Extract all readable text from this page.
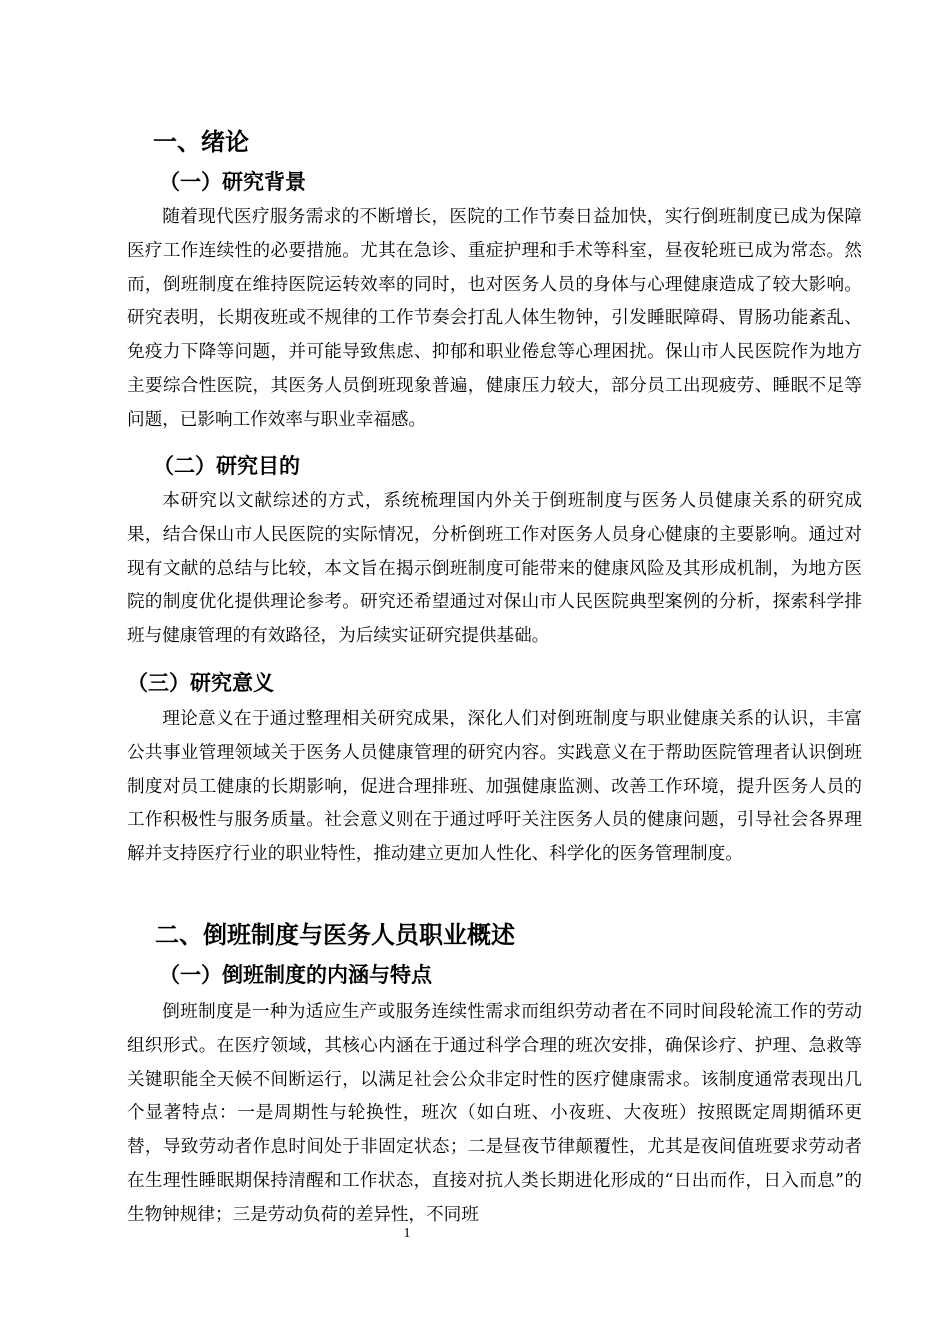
一、绪论
（一）研究背景

随着现代医疗服务需求的不断增长，医院的工作节奏日益加快，实行倒班制度已成为保障医疗工作连续性的必要措施。尤其在急诊、重症护理和手术等科室，昼夜轮班已成为常态。然而，倒班制度在维持医院运转效率的同时，也对医务人员的身体与心理健康造成了较大影响。研究表明，长期夜班或不规律的工作节奏会打乱人体生物钟，引发睡眠障碍、胃肠功能紊乱、免疫力下降等问题，并可能导致焦虑、抑郁和职业倦怠等心理困扰。保山市人民医院作为地方主要综合性医院，其医务人员倒班现象普遍，健康压力较大，部分员工出现疲劳、睡眠不足等问题，已影响工作效率与职业幸福感。

（二）研究目的

本研究以文献综述的方式，系统梳理国内外关于倒班制度与医务人员健康关系的研究成果，结合保山市人民医院的实际情况，分析倒班工作对医务人员身心健康的主要影响。通过对现有文献的总结与比较，本文旨在揭示倒班制度可能带来的健康风险及其形成机制，为地方医院的制度优化提供理论参考。研究还希望通过对保山市人民医院典型案例的分析，探索科学排班与健康管理的有效路径，为后续实证研究提供基础。

（三）研究意义

理论意义在于通过整理相关研究成果，深化人们对倒班制度与职业健康关系的认识，丰富公共事业管理领域关于医务人员健康管理的研究内容。实践意义在于帮助医院管理者认识倒班制度对员工健康的长期影响，促进合理排班、加强健康监测、改善工作环境，提升医务人员的工作积极性与服务质量。社会意义则在于通过呼吁关注医务人员的健康问题，引导社会各界理解并支持医疗行业的职业特性，推动建立更加人性化、科学化的医务管理制度。

二、倒班制度与医务人员职业概述
（一）倒班制度的内涵与特点

倒班制度是一种为适应生产或服务连续性需求而组织劳动者在不同时间段轮流工作的劳动组织形式。在医疗领域，其核心内涵在于通过科学合理的班次安排，确保诊疗、护理、急救等关键职能全天候不间断运行，以满足社会公众非定时性的医疗健康需求。该制度通常表现出几个显著特点：一是周期性与轮换性，班次（如白班、小夜班、大夜班）按照既定周期循环更替，导致劳动者作息时间处于非固定状态；二是昼夜节律颠覆性，尤其是夜间值班要求劳动者在生理性睡眠期保持清醒和工作状态，直接对抗人类长期进化形成的“日出而作，日入而息”的生物钟规律；三是劳动负荷的差异性，不同班

1
